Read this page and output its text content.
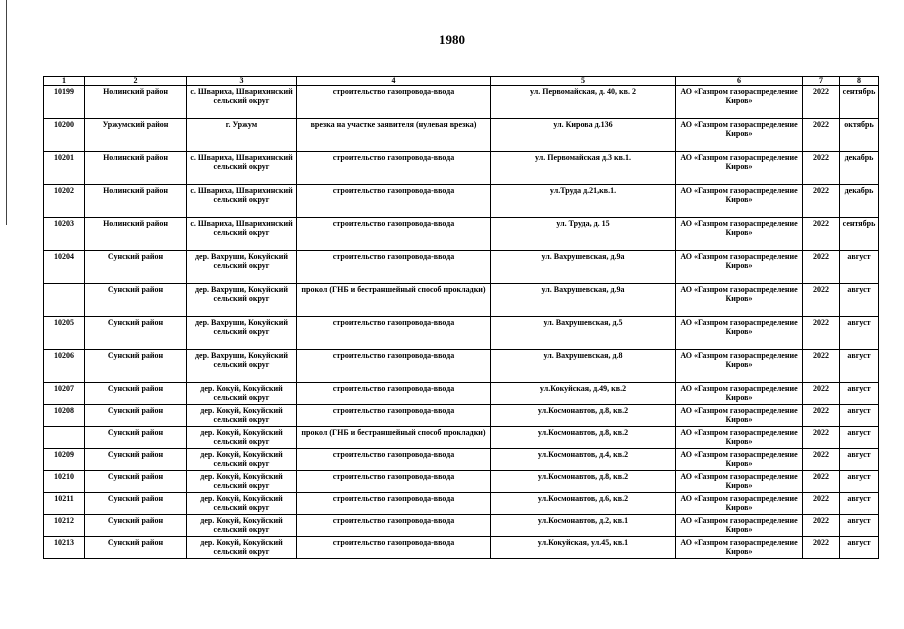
1980
1	2	3	4	5	6	7	8
10199	Нолинский район	с. Швариха, Шварихинский сельский округ	строительство газопровода-ввода	ул. Первомайская, д. 40, кв. 2	АО «Газпром газораспределение Киров»	2022	сентябрь
10200	Уржумский район	г. Уржум	врезка на участке заявителя (нулевая врезка)	ул. Кирова д.136	АО «Газпром газораспределение Киров»	2022	октябрь
10201	Нолинский район	с. Швариха, Шварихинский сельский округ	строительство газопровода-ввода	ул. Первомайская д.3 кв.1.	АО «Газпром газораспределение Киров»	2022	декабрь
10202	Нолинский район	с. Швариха, Шварихинский сельский округ	строительство газопровода-ввода	ул.Труда д.21,кв.1.	АО «Газпром газораспределение Киров»	2022	декабрь
10203	Нолинский район	с. Швариха, Шварихинский сельский округ	строительство газопровода-ввода	ул. Труда, д. 15	АО «Газпром газораспределение Киров»	2022	сентябрь
10204	Сунский район	дер. Вахруши, Кокуйский сельский округ	строительство газопровода-ввода	ул. Вахрушевская, д.9а	АО «Газпром газораспределение Киров»	2022	август
	Сунский район	дер. Вахруши, Кокуйский сельский округ	прокол (ГНБ и бестраншейный способ прокладки)	ул. Вахрушевская, д.9а	АО «Газпром газораспределение Киров»	2022	август
10205	Сунский район	дер. Вахруши, Кокуйский сельский округ	строительство газопровода-ввода	ул. Вахрушевская, д.5	АО «Газпром газораспределение Киров»	2022	август
10206	Сунский район	дер. Вахруши, Кокуйский сельский округ	строительство газопровода-ввода	ул. Вахрушевская, д.8	АО «Газпром газораспределение Киров»	2022	август
10207	Сунский район	дер. Кокуй, Кокуйский сельский округ	строительство газопровода-ввода	ул.Кокуйская, д.49, кв.2	АО «Газпром газораспределение Киров»	2022	август
10208	Сунский район	дер. Кокуй, Кокуйский сельский округ	строительство газопровода-ввода	ул.Космонавтов, д.8, кв.2	АО «Газпром газораспределение Киров»	2022	август
	Сунский район	дер. Кокуй, Кокуйский сельский округ	прокол (ГНБ и бестраншейный способ прокладки)	ул.Космонавтов, д.8, кв.2	АО «Газпром газораспределение Киров»	2022	август
10209	Сунский район	дер. Кокуй, Кокуйский сельский округ	строительство газопровода-ввода	ул.Космонавтов, д.4, кв.2	АО «Газпром газораспределение Киров»	2022	август
10210	Сунский район	дер. Кокуй, Кокуйский сельский округ	строительство газопровода-ввода	ул.Космонавтов, д.8, кв.2	АО «Газпром газораспределение Киров»	2022	август
10211	Сунский район	дер. Кокуй, Кокуйский сельский округ	строительство газопровода-ввода	ул.Космонавтов, д.6, кв.2	АО «Газпром газораспределение Киров»	2022	август
10212	Сунский район	дер. Кокуй, Кокуйский сельский округ	строительство газопровода-ввода	ул.Космонавтов, д.2, кв.1	АО «Газпром газораспределение Киров»	2022	август
10213	Сунский район	дер. Кокуй, Кокуйский сельский округ	строительство газопровода-ввода	ул.Кокуйская, ул.45, кв.1	АО «Газпром газораспределение Киров»	2022	август
